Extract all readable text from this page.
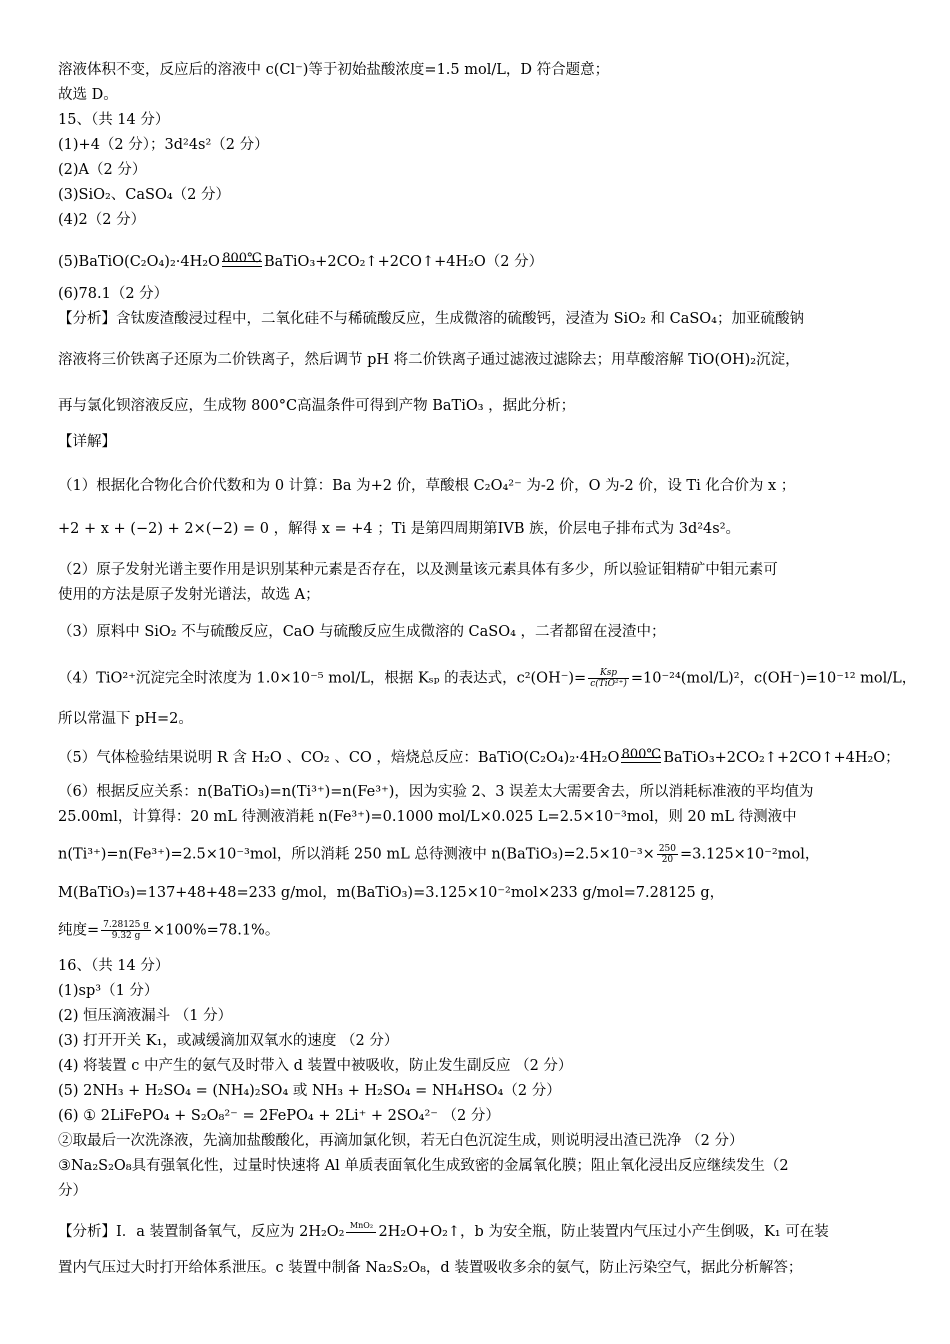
溶液体积不变，反应后的溶液中 c(Cl⁻)等于初始盐酸浓度=1.5 mol/L，D 符合题意；
故选 D。
15、（共 14 分）
(1)+4（2 分）；3d²4s²（2 分）
(2)A（2 分）
(3)SiO₂、CaSO₄（2 分）
(4)2（2 分）
(5)BaTiO(C₂O₄)₂·4H₂O 800℃ BaTiO₃+2CO₂↑+2CO↑+4H₂O（2 分）
(6)78.1（2 分）
【分析】含钛废渣酸浸过程中，二氧化硅不与稀硫酸反应，生成微溶的硫酸钙，浸渣为 SiO₂ 和 CaSO₄；加亚硫酸钠
溶液将三价铁离子还原为二价铁离子，然后调节 pH 将二价铁离子通过滤液过滤除去；用草酸溶解 TiO(OH)₂沉淀，
再与氯化钡溶液反应，生成物 800°C高温条件可得到产物 BaTiO₃ ，据此分析；
【详解】
（1）根据化合物化合价代数和为 0 计算：Ba 为+2 价，草酸根 C₂O₄²⁻ 为-2 价，O 为-2 价，设 Ti 化合价为 x ；
+2 + x + (−2) + 2×(−2) = 0 ，解得 x = +4 ；Ti 是第四周期第IVB 族，价层电子排布式为 3d²4s²。
（2）原子发射光谱主要作用是识别某种元素是否存在，以及测量该元素具体有多少，所以验证钼精矿中钼元素可
使用的方法是原子发射光谱法，故选 A；
（3）原料中 SiO₂ 不与硫酸反应，CaO 与硫酸反应生成微溶的 CaSO₄ ，二者都留在浸渣中；
（4）TiO²⁺沉淀完全时浓度为 1.0×10⁻⁵ mol/L，根据 Kₛₚ 的表达式，$c^2(OH^-)= \frac{\text{Ksp}}{\text{c(TiO²⁺)}} =10^{-24}(mol/L)^2$，c(OH⁻)=10⁻¹² mol/L，
所以常温下 pH=2。
（5）气体检验结果说明 R 含 H₂O 、CO₂ 、CO ，焙烧总反应：BaTiO(C₂O₄)₂·4H₂O 800℃ BaTiO₃+2CO₂↑+2CO↑+4H₂O；
（6）根据反应关系：n(BaTiO₃)=n(Ti³⁺)=n(Fe³⁺)，因为实验 2、3 误差太大需要舍去，所以消耗标准液的平均值为
25.00ml，计算得：20 mL 待测液消耗 n(Fe³⁺)=0.1000 mol/L×0.025 L=2.5×10⁻³mol，则 20 mL 待测液中
n(Ti³⁺)=n(Fe³⁺)=2.5×10⁻³mol，所以消耗 250 mL 总待测液中 n(BaTiO₃)=2.5×10⁻³× $\frac{250}{20} =3.125\times 10^{-2}mol$，
M(BaTiO₃)=137+48+48=233 g/mol，m(BaTiO₃)=3.125×10⁻²mol×233 g/mol=7.28125 g，
纯度= $\frac{7.28125 g}{9.32 g} \times 100\%=78.1\%$。
16、（共 14 分）
(1)sp³（1 分）
(2) 恒压滴液漏斗 （1 分）
(3) 打开开关 K₁，或减缓滴加双氧水的速度 （2 分）
(4) 将装置 c 中产生的氨气及时带入 d 装置中被吸收，防止发生副反应 （2 分）
(5) 2NH₃ + H₂SO₄ = (NH₄)₂SO₄ 或 NH₃ + H₂SO₄ = NH₄HSO₄（2 分）
(6) ① 2LiFePO₄ + S₂O₈²⁻ = 2FePO₄ + 2Li⁺ + 2SO₄²⁻ （2 分）
②取最后一次洗涤液，先滴加盐酸酸化，再滴加氯化钡，若无白色沉淀生成，则说明浸出渣已洗净 （2 分）
③Na₂S₂O₈具有强氧化性，过量时快速将 Al 单质表面氧化生成致密的金属氧化膜；阻止氧化浸出反应继续发生（2
分）
【分析】I．a 装置制备氧气，反应为 2H₂O₂ MnO₂ 2H₂O+O₂↑，b 为安全瓶，防止装置内气压过小产生倒吸，K₁ 可在装
置内气压过大时打开给体系泄压。c 装置中制备 Na₂S₂O₈，d 装置吸收多余的氨气，防止污染空气，据此分析解答；
